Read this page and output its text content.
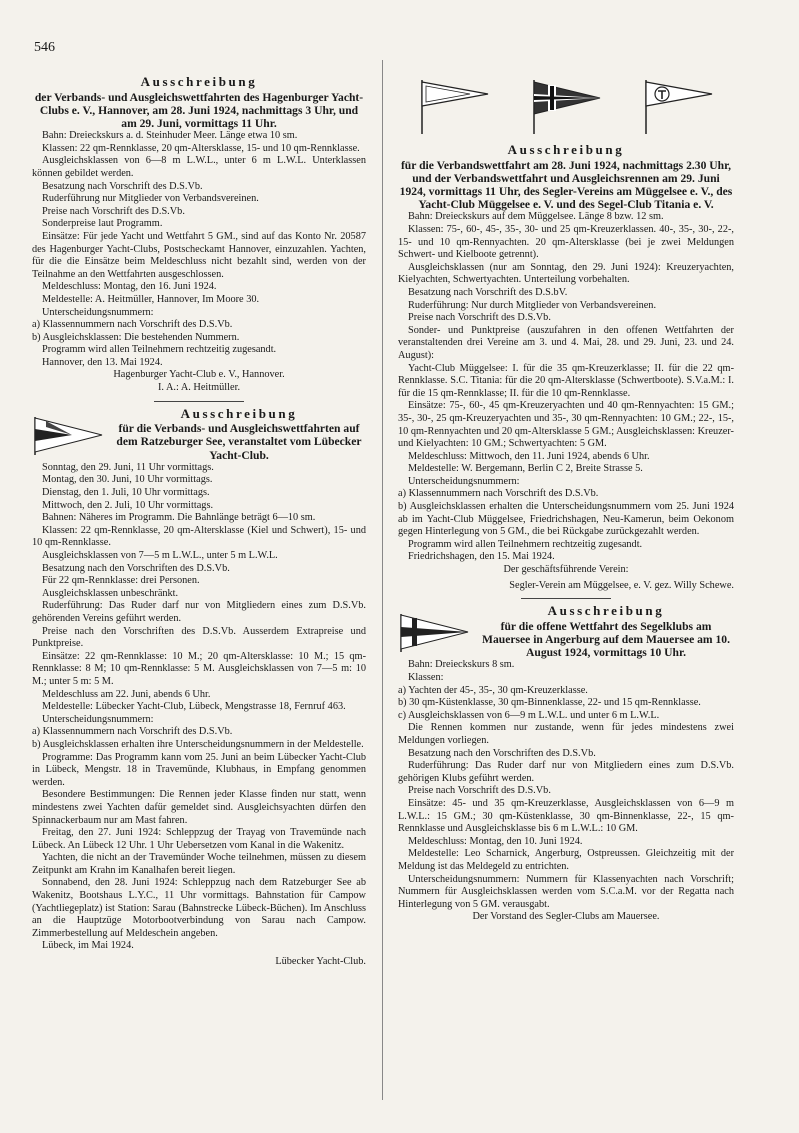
546
Ausschreibung
der Verbands- und Ausgleichswettfahrten des Hagenburger Yacht-Clubs e. V., Hannover, am 28. Juni 1924, nachmittags 3 Uhr, und am 29. Juni, vormittags 11 Uhr.

Bahn: Dreieckskurs a. d. Steinhuder Meer. Länge etwa 10 sm.

Klassen: 22 qm-Rennklasse, 20 qm-Altersklasse, 15- und 10 qm-Rennklasse.

Ausgleichsklassen von 6—8 m L.W.L., unter 6 m L.W.L. Unterklassen können gebildet werden.

Besatzung nach Vorschrift des D.S.Vb.

Ruderführung nur Mitglieder von Verbandsvereinen.

Preise nach Vorschrift des D.S.Vb.

Sonderpreise laut Programm.

Einsätze: Für jede Yacht und Wettfahrt 5 GM., sind auf das Konto Nr. 20587 des Hagenburger Yacht-Clubs, Postscheckamt Hannover, einzuzahlen. Yachten, für die die Einsätze beim Meldeschluss nicht bezahlt sind, werden von der Teilnahme an den Wettfahrten ausgeschlossen.

Meldeschluss: Montag, den 16. Juni 1924.

Meldestelle: A. Heitmüller, Hannover, Im Moore 30.

Unterscheidungsnummern:

a) Klassennummern nach Vorschrift des D.S.Vb.

b) Ausgleichsklassen: Die bestehenden Nummern.

Programm wird allen Teilnehmern rechtzeitig zugesandt.

Hannover, den 13. Mai 1924.

Hagenburger Yacht-Club e. V., Hannover.

I. A.: A. Heitmüller.

Ausschreibung
für die Verbands- und Ausgleichswettfahrten auf dem Ratzeburger See, veranstaltet vom Lübecker Yacht-Club.

Sonntag, den 29. Juni, 11 Uhr vormittags.

Montag, den 30. Juni, 10 Uhr vormittags.

Dienstag, den 1. Juli, 10 Uhr vormittags.

Mittwoch, den 2. Juli, 10 Uhr vormittags.

Bahnen: Näheres im Programm. Die Bahnlänge beträgt 6—10 sm.

Klassen: 22 qm-Rennklasse, 20 qm-Altersklasse (Kiel und Schwert), 15- und 10 qm-Rennklasse.

Ausgleichsklassen von 7—5 m L.W.L., unter 5 m L.W.L.

Besatzung nach den Vorschriften des D.S.Vb.

Für 22 qm-Rennklasse: drei Personen.

Ausgleichsklassen unbeschränkt.

Ruderführung: Das Ruder darf nur von Mitgliedern eines zum D.S.Vb. gehörenden Vereins geführt werden.

Preise nach den Vorschriften des D.S.Vb. Ausserdem Extrapreise und Punktpreise.

Einsätze: 22 qm-Rennklasse: 10 M.; 20 qm-Altersklasse: 10 M.; 15 qm-Rennklasse: 8 M; 10 qm-Rennklasse: 5 M. Ausgleichsklassen von 7—5 m: 10 M.; unter 5 m: 5 M.

Meldeschluss am 22. Juni, abends 6 Uhr.

Meldestelle: Lübecker Yacht-Club, Lübeck, Mengstrasse 18, Fernruf 463.

Unterscheidungsnummern:

a) Klassennummern nach Vorschrift des D.S.Vb.

b) Ausgleichsklassen erhalten ihre Unterscheidungsnummern in der Meldestelle.

Programme: Das Programm kann vom 25. Juni an beim Lübecker Yacht-Club in Lübeck, Mengstr. 18 in Travemünde, Klubhaus, in Empfang genommen werden.

Besondere Bestimmungen: Die Rennen jeder Klasse finden nur statt, wenn mindestens zwei Yachten dafür gemeldet sind. Ausgleichsyachten dürfen den Spinnackerbaum nur am Mast fahren.

Freitag, den 27. Juni 1924: Schleppzug der Trayag von Travemünde nach Lübeck. An Lübeck 12 Uhr. 1 Uhr Uebersetzen vom Kanal in die Wakenitz.

Yachten, die nicht an der Travemünder Woche teilnehmen, müssen zu diesem Zeitpunkt am Krahn im Kanalhafen bereit liegen.

Sonnabend, den 28. Juni 1924: Schleppzug nach dem Ratzeburger See ab Wakenitz, Bootshaus L.Y.C., 11 Uhr vormittags. Bahnstation für Campow (Yachtliegeplatz) ist Station: Sarau (Bahnstrecke Lübeck-Büchen). Im Anschluss an die Hauptzüge Motorbootverbindung von Sarau nach Campow. Zimmerbestellung auf Meldeschein angeben.

Lübeck, im Mai 1924.

Lübecker Yacht-Club.

Ausschreibung
für die Verbandswettfahrt am 28. Juni 1924, nachmittags 2.30 Uhr, und der Verbandswettfahrt und Ausgleichsrennen am 29. Juni 1924, vormittags 11 Uhr, des Segler-Vereins am Müggelsee e. V., des Yacht-Club Müggelsee e. V. und des Segel-Club Titania e. V.

Bahn: Dreieckskurs auf dem Müggelsee. Länge 8 bzw. 12 sm.

Klassen: 75-, 60-, 45-, 35-, 30- und 25 qm-Kreuzerklassen. 40-, 35-, 30-, 22-, 15- und 10 qm-Rennyachten. 20 qm-Altersklasse (bei je zwei Meldungen Schwert- und Kielboote getrennt).

Ausgleichsklassen (nur am Sonntag, den 29. Juni 1924): Kreuzeryachten, Kielyachten, Schwertyachten. Unterteilung vorbehalten.

Besatzung nach Vorschrift des D.S.bV.

Ruderführung: Nur durch Mitglieder von Verbandsvereinen.

Preise nach Vorschrift des D.S.Vb.

Sonder- und Punktpreise (auszufahren in den offenen Wettfahrten der veranstaltenden drei Vereine am 3. und 4. Mai, 28. und 29. Juni, 23. und 24. August):

Yacht-Club Müggelsee: I. für die 35 qm-Kreuzerklasse; II. für die 22 qm-Rennklasse. S.C. Titania: für die 20 qm-Altersklasse (Schwertboote). S.V.a.M.: I. für die 15 qm-Rennklasse; II. für die 10 qm-Rennklasse.

Einsätze: 75-, 60-, 45 qm-Kreuzeryachten und 40 qm-Rennyachten: 15 GM.; 35-, 30-, 25 qm-Kreuzeryachten und 35-, 30 qm-Rennyachten: 10 GM.; 22-, 15-, 10 qm-Rennyachten und 20 qm-Altersklasse 5 GM.; Ausgleichsklassen: Kreuzer- und Kielyachten: 10 GM.; Schwertyachten: 5 GM.

Meldeschluss: Mittwoch, den 11. Juni 1924, abends 6 Uhr.

Meldestelle: W. Bergemann, Berlin C 2, Breite Strasse 5.

Unterscheidungsnummern:

a) Klassennummern nach Vorschrift des D.S.Vb.

b) Ausgleichsklassen erhalten die Unterscheidungsnummern vom 25. Juni 1924 ab im Yacht-Club Müggelsee, Friedrichshagen, Neu-Kamerun, beim Oekonom gegen Hinterlegung von 5 GM., die bei Rückgabe zurückgezahlt werden.

Programm wird allen Teilnehmern rechtzeitig zugesandt.

Friedrichshagen, den 15. Mai 1924.

Der geschäftsführende Verein:

Segler-Verein am Müggelsee, e. V. gez. Willy Schewe.

Ausschreibung
für die offene Wettfahrt des Segelklubs am Mauersee in Angerburg auf dem Mauersee am 10. August 1924, vormittags 10 Uhr.

Bahn: Dreieckskurs 8 sm.

Klassen:

a) Yachten der 45-, 35-, 30 qm-Kreuzerklasse.

b) 30 qm-Küstenklasse, 30 qm-Binnenklasse, 22- und 15 qm-Rennklasse.

c) Ausgleichsklassen von 6—9 m L.W.L. und unter 6 m L.W.L.

Die Rennen kommen nur zustande, wenn für jedes mindestens zwei Meldungen vorliegen.

Besatzung nach den Vorschriften des D.S.Vb.

Ruderführung: Das Ruder darf nur von Mitgliedern eines zum D.S.Vb. gehörigen Klubs geführt werden.

Preise nach Vorschrift des D.S.Vb.

Einsätze: 45- und 35 qm-Kreuzerklasse, Ausgleichsklassen von 6—9 m L.W.L.: 15 GM.; 30 qm-Küstenklasse, 30 qm-Binnenklasse, 22-, 15 qm-Rennklasse und Ausgleichsklasse bis 6 m L.W.L.: 10 GM.

Meldeschluss: Montag, den 10. Juni 1924.

Meldestelle: Leo Scharnick, Angerburg, Ostpreussen. Gleichzeitig mit der Meldung ist das Meldegeld zu entrichten.

Unterscheidungsnummern: Nummern für Klassenyachten nach Vorschrift; Nummern für Ausgleichsklassen werden vom S.C.a.M. vor der Regatta nach Hinterlegung von 5 GM. verausgabt.

Der Vorstand des Segler-Clubs am Mauersee.
